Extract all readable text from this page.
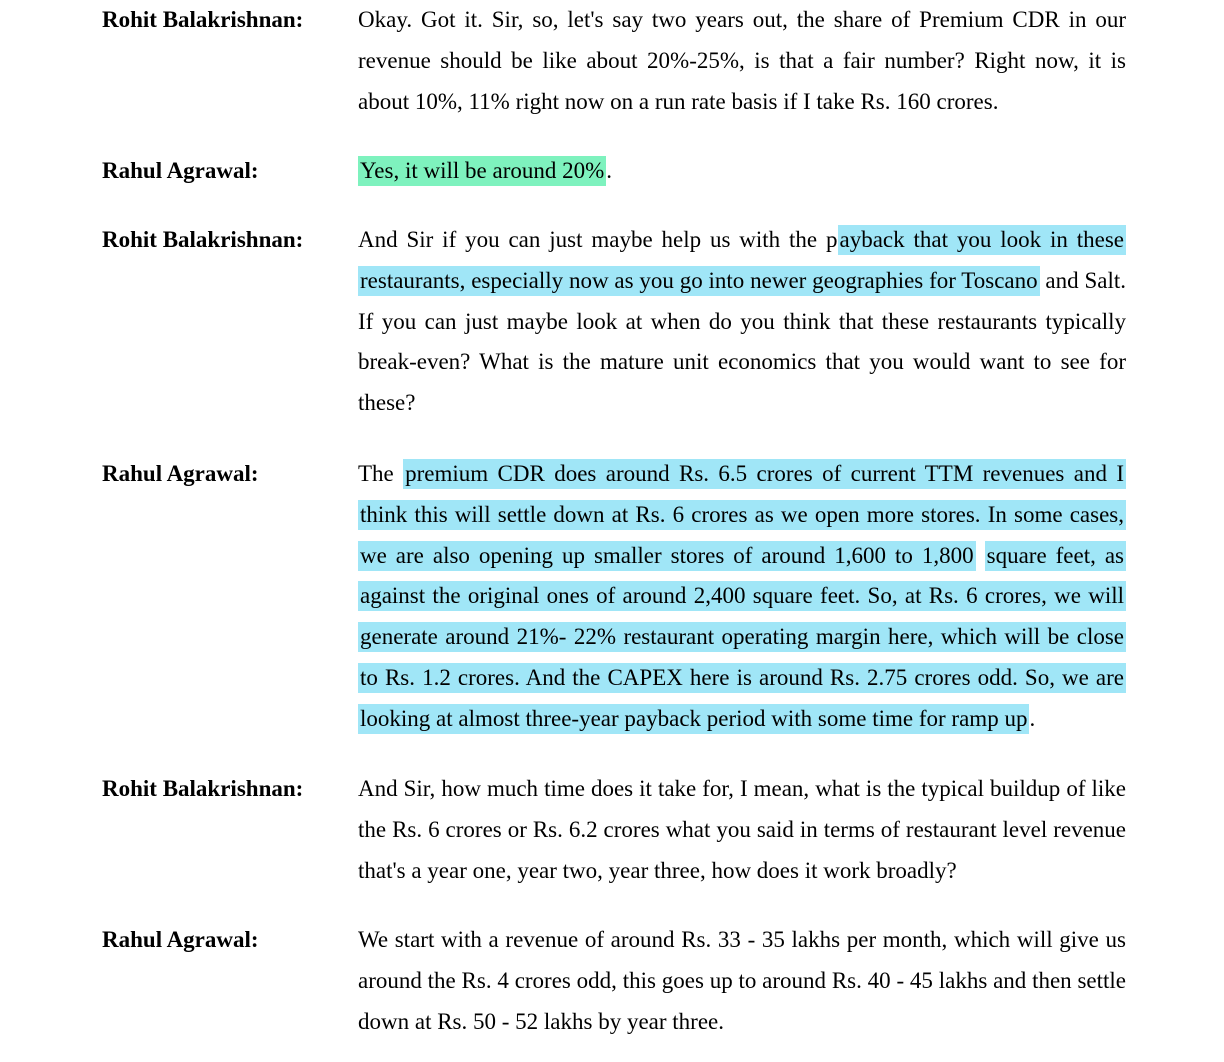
Rohit Balakrishnan:	Okay. Got it. Sir, so, let's say two years out, the share of Premium CDR in our revenue should be like about 20%-25%, is that a fair number? Right now, it is about 10%, 11% right now on a run rate basis if I take Rs. 160 crores.
Rahul Agrawal:	Yes, it will be around 20%.
Rohit Balakrishnan:	And Sir if you can just maybe help us with the payback that you look in these restaurants, especially now as you go into newer geographies for Toscano and Salt. If you can just maybe look at when do you think that these restaurants typically break-even? What is the mature unit economics that you would want to see for these?
Rahul Agrawal:	The premium CDR does around Rs. 6.5 crores of current TTM revenues and I think this will settle down at Rs. 6 crores as we open more stores. In some cases, we are also opening up smaller stores of around 1,600 to 1,800 square feet, as against the original ones of around 2,400 square feet. So, at Rs. 6 crores, we will generate around 21%- 22% restaurant operating margin here, which will be close to Rs. 1.2 crores. And the CAPEX here is around Rs. 2.75 crores odd. So, we are looking at almost three-year payback period with some time for ramp up.
Rohit Balakrishnan:	And Sir, how much time does it take for, I mean, what is the typical buildup of like the Rs. 6 crores or Rs. 6.2 crores what you said in terms of restaurant level revenue that's a year one, year two, year three, how does it work broadly?
Rahul Agrawal:	We start with a revenue of around Rs. 33 - 35 lakhs per month, which will give us around the Rs. 4 crores odd, this goes up to around Rs. 40 - 45 lakhs and then settle down at Rs. 50 - 52 lakhs by year three.
